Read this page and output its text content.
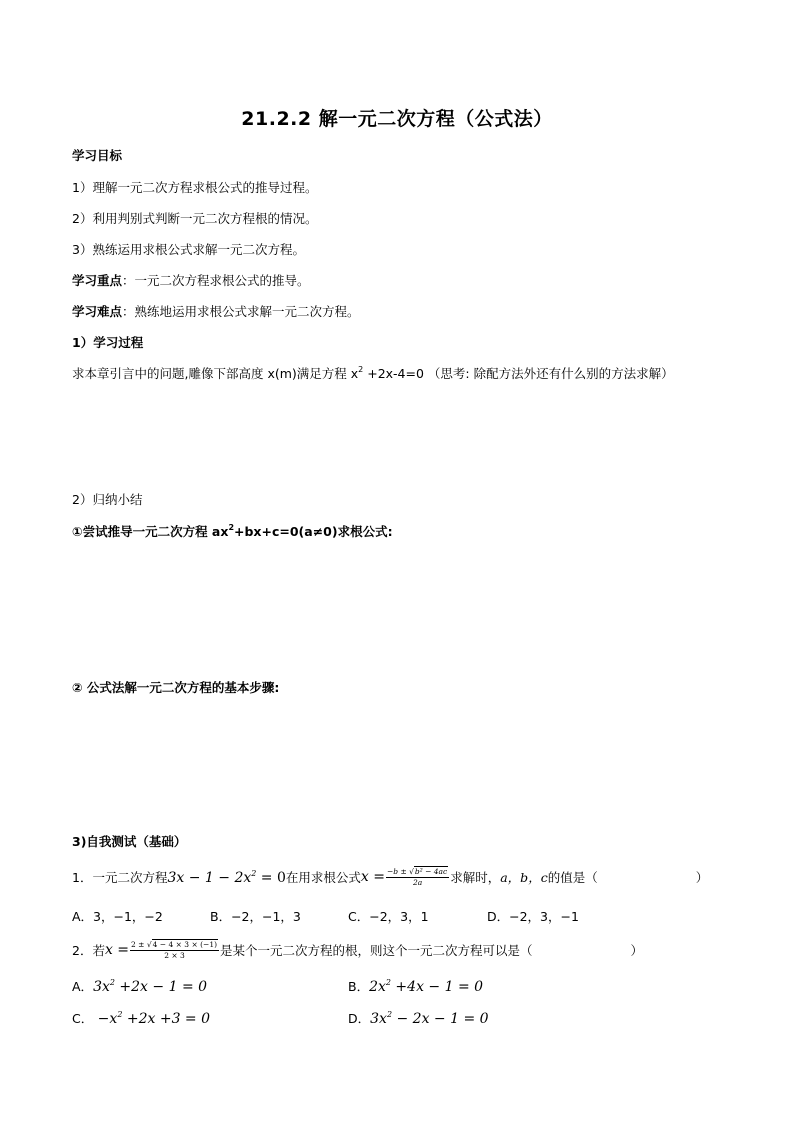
21.2.2 解一元二次方程（公式法）
学习目标
1）理解一元二次方程求根公式的推导过程。
2）利用判别式判断一元二次方程根的情况。
3）熟练运用求根公式求解一元二次方程。
学习重点：一元二次方程求根公式的推导。
学习难点：熟练地运用求根公式求解一元二次方程。
1）学习过程
求本章引言中的问题,雕像下部高度 x(m)满足方程 $x^2 +2x-4=0$ （思考: 除配方法外还有什么别的方法求解）
2）归纳小结
①尝试推导一元二次方程 $ax^2+bx+c=0(a\ne 0)$求根公式:
② 公式法解一元二次方程的基本步骤:
3)自我测试（基础）
1．一元二次方程 $3x - 1 - 2x^2 = 0$ 在用求根公式 $x = \frac{\text{−b ± √b² − 4ac}}{2a}$ 求解时， a，b，c 的值是（	）
A．3，−1，−2	B．−2，−1，3	C．−2，3，1	D．−2，3，−1
2．若 $x = \frac{2 \pm √4 - 4 \times 3 \times (-1)}{2 \times 3}$ 是某个一元二次方程的根，则这个一元二次方程可以是（	）
A．$3x^2 +2x - 1 = 0$	B．$2x^2 +4x - 1 = 0$
C． $-x^2 +2x +3 = 0$	D．$3x^2 - 2x - 1 = 0$
